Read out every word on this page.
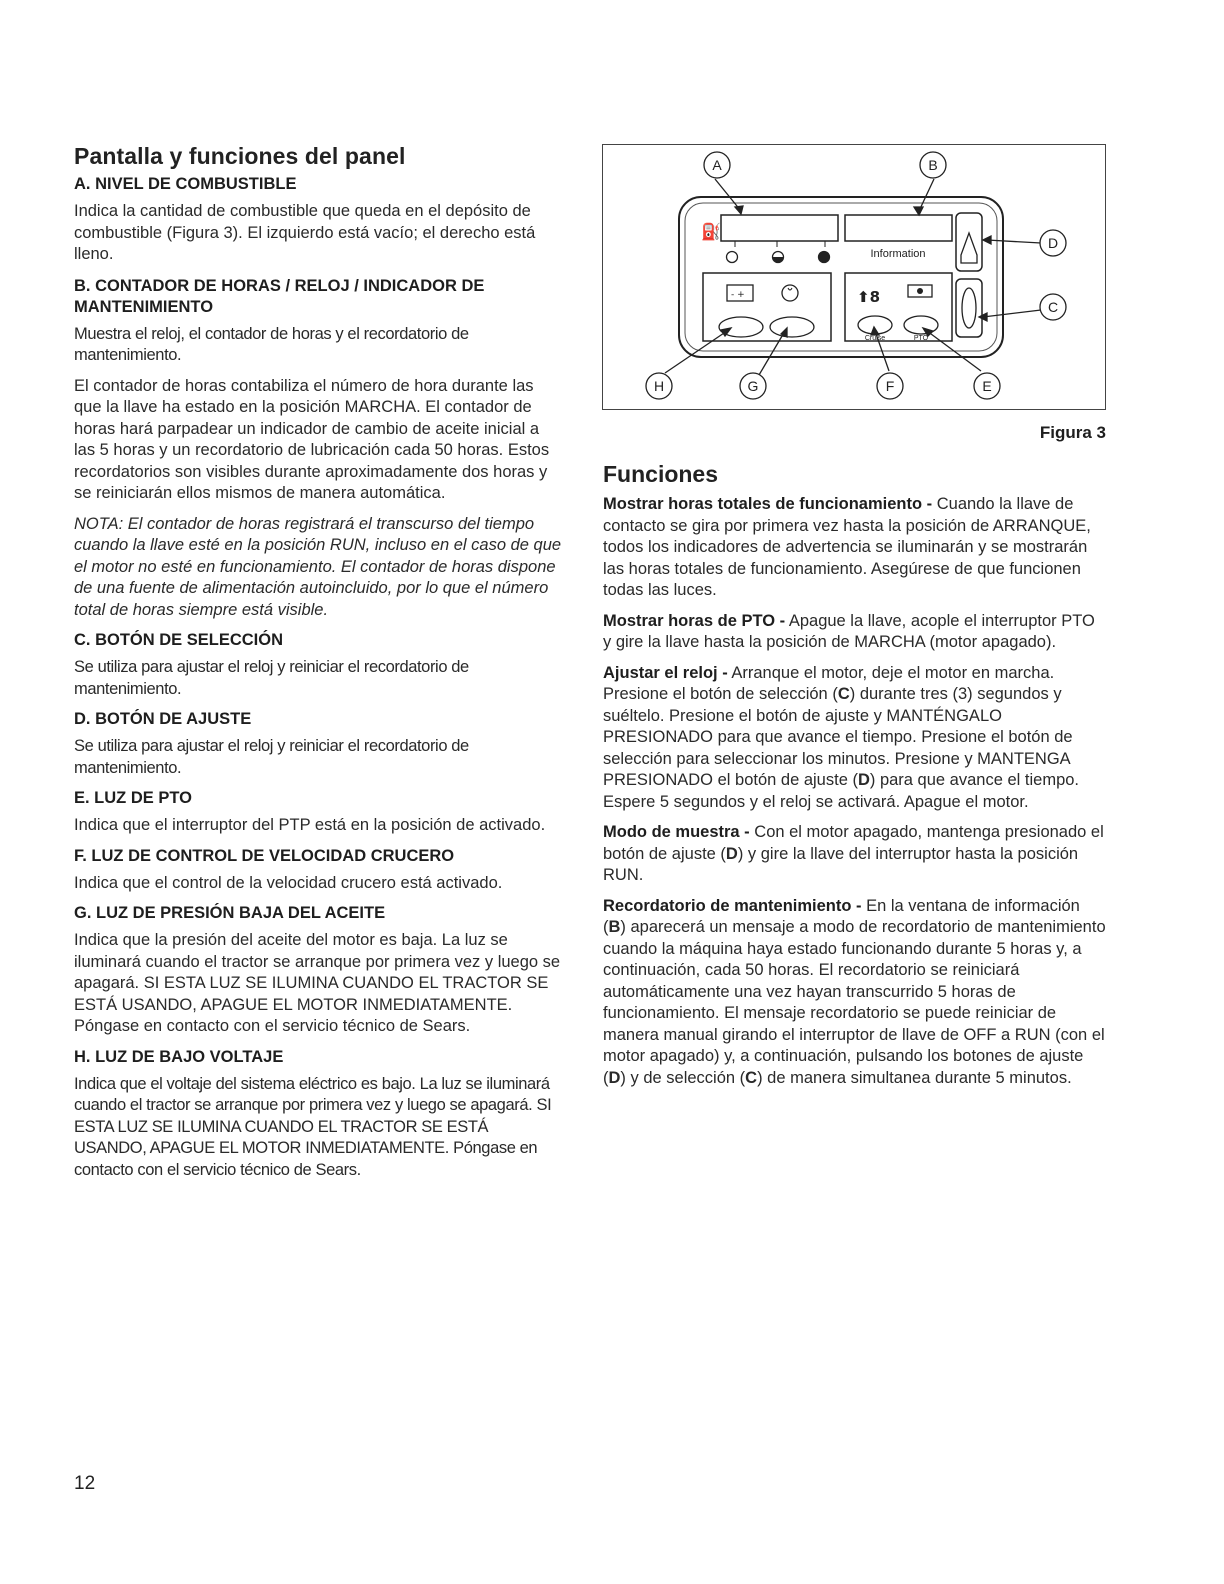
Pantalla y funciones del panel
A. NIVEL DE COMBUSTIBLE

Indica la cantidad de combustible que queda en el depósito de combustible (Figura 3). El izquierdo está vacío; el derecho está lleno.

B. CONTADOR DE HORAS / RELOJ / INDICADOR DE MANTENIMIENTO

Muestra el reloj, el contador de horas y el recordatorio de mantenimiento.

El contador de horas contabiliza el número de hora durante las que la llave ha estado en la posición MARCHA. El contador de horas hará parpadear un indicador de cambio de aceite inicial a las 5 horas y un recordatorio de lubricación cada 50 horas. Estos recordatorios son visibles durante aproximadamente dos horas y se reiniciarán ellos mismos de manera automática.

NOTA: El contador de horas registrará el transcurso del tiempo cuando la llave esté en la posición RUN, incluso en el caso de que el motor no esté en funcionamiento. El contador de horas dispone de una fuente de alimentación autoincluido, por lo que el número total de horas siempre está visible.

C. BOTÓN DE SELECCIÓN

Se utiliza para ajustar el reloj y reiniciar el recordatorio de mantenimiento.

D. BOTÓN DE AJUSTE

Se utiliza para ajustar el reloj y reiniciar el recordatorio de mantenimiento.

E. LUZ DE PTO

Indica que el interruptor del PTP está en la posición de activado.

F. LUZ DE CONTROL DE VELOCIDAD CRUCERO

Indica que el control de la velocidad crucero está activado.

G. LUZ DE PRESIÓN BAJA DEL ACEITE

Indica que la presión del aceite del motor es baja. La luz se iluminará cuando el tractor se arranque por primera vez y luego se apagará. SI ESTA LUZ SE ILUMINA CUANDO EL TRACTOR SE ESTÁ USANDO, APAGUE EL MOTOR INMEDIATAMENTE. Póngase en contacto con el servicio técnico de Sears.

H. LUZ DE BAJO VOLTAJE

Indica que el voltaje del sistema eléctrico es bajo. La luz se iluminará cuando el tractor se arranque por primera vez y luego se apagará. SI ESTA LUZ SE ILUMINA CUANDO EL TRACTOR SE ESTÁ USANDO, APAGUE EL MOTOR INMEDIATAMENTE. Póngase en contacto con el servicio técnico de Sears.

⛽
Information
- +	⬆8
Cruise	PTO
A	B
C
D
E
F
G
H
Figura 3
Funciones

Mostrar horas totales de funcionamiento - Cuando la llave de contacto se gira por primera vez hasta la posición de ARRANQUE, todos los indicadores de advertencia se iluminarán y se mostrarán las horas totales de funcionamiento. Asegúrese de que funcionen todas las luces.

Mostrar horas de PTO - Apague la llave, acople el interruptor PTO y gire la llave hasta la posición de MARCHA (motor apagado).

Ajustar el reloj - Arranque el motor, deje el motor en marcha. Presione el botón de selección (C) durante tres (3) segundos y suéltelo. Presione el botón de ajuste y MANTÉNGALO PRESIONADO para que avance el tiempo. Presione el botón de selección para seleccionar los minutos. Presione y MANTENGA PRESIONADO el botón de ajuste (D) para que avance el tiempo. Espere 5 segundos y el reloj se activará. Apague el motor.

Modo de muestra - Con el motor apagado, mantenga presionado el botón de ajuste (D) y gire la llave del interruptor hasta la posición RUN.

Recordatorio de mantenimiento - En la ventana de información (B) aparecerá un mensaje a modo de recordatorio de mantenimiento cuando la máquina haya estado funcionando durante 5 horas y, a continuación, cada 50 horas. El recordatorio se reiniciará automáticamente una vez hayan transcurrido 5 horas de funcionamiento. El mensaje recordatorio se puede reiniciar de manera manual girando el interruptor de llave de OFF a RUN (con el motor apagado) y, a continuación, pulsando los botones de ajuste (D) y de selección (C) de manera simultanea durante 5 minutos.

12
